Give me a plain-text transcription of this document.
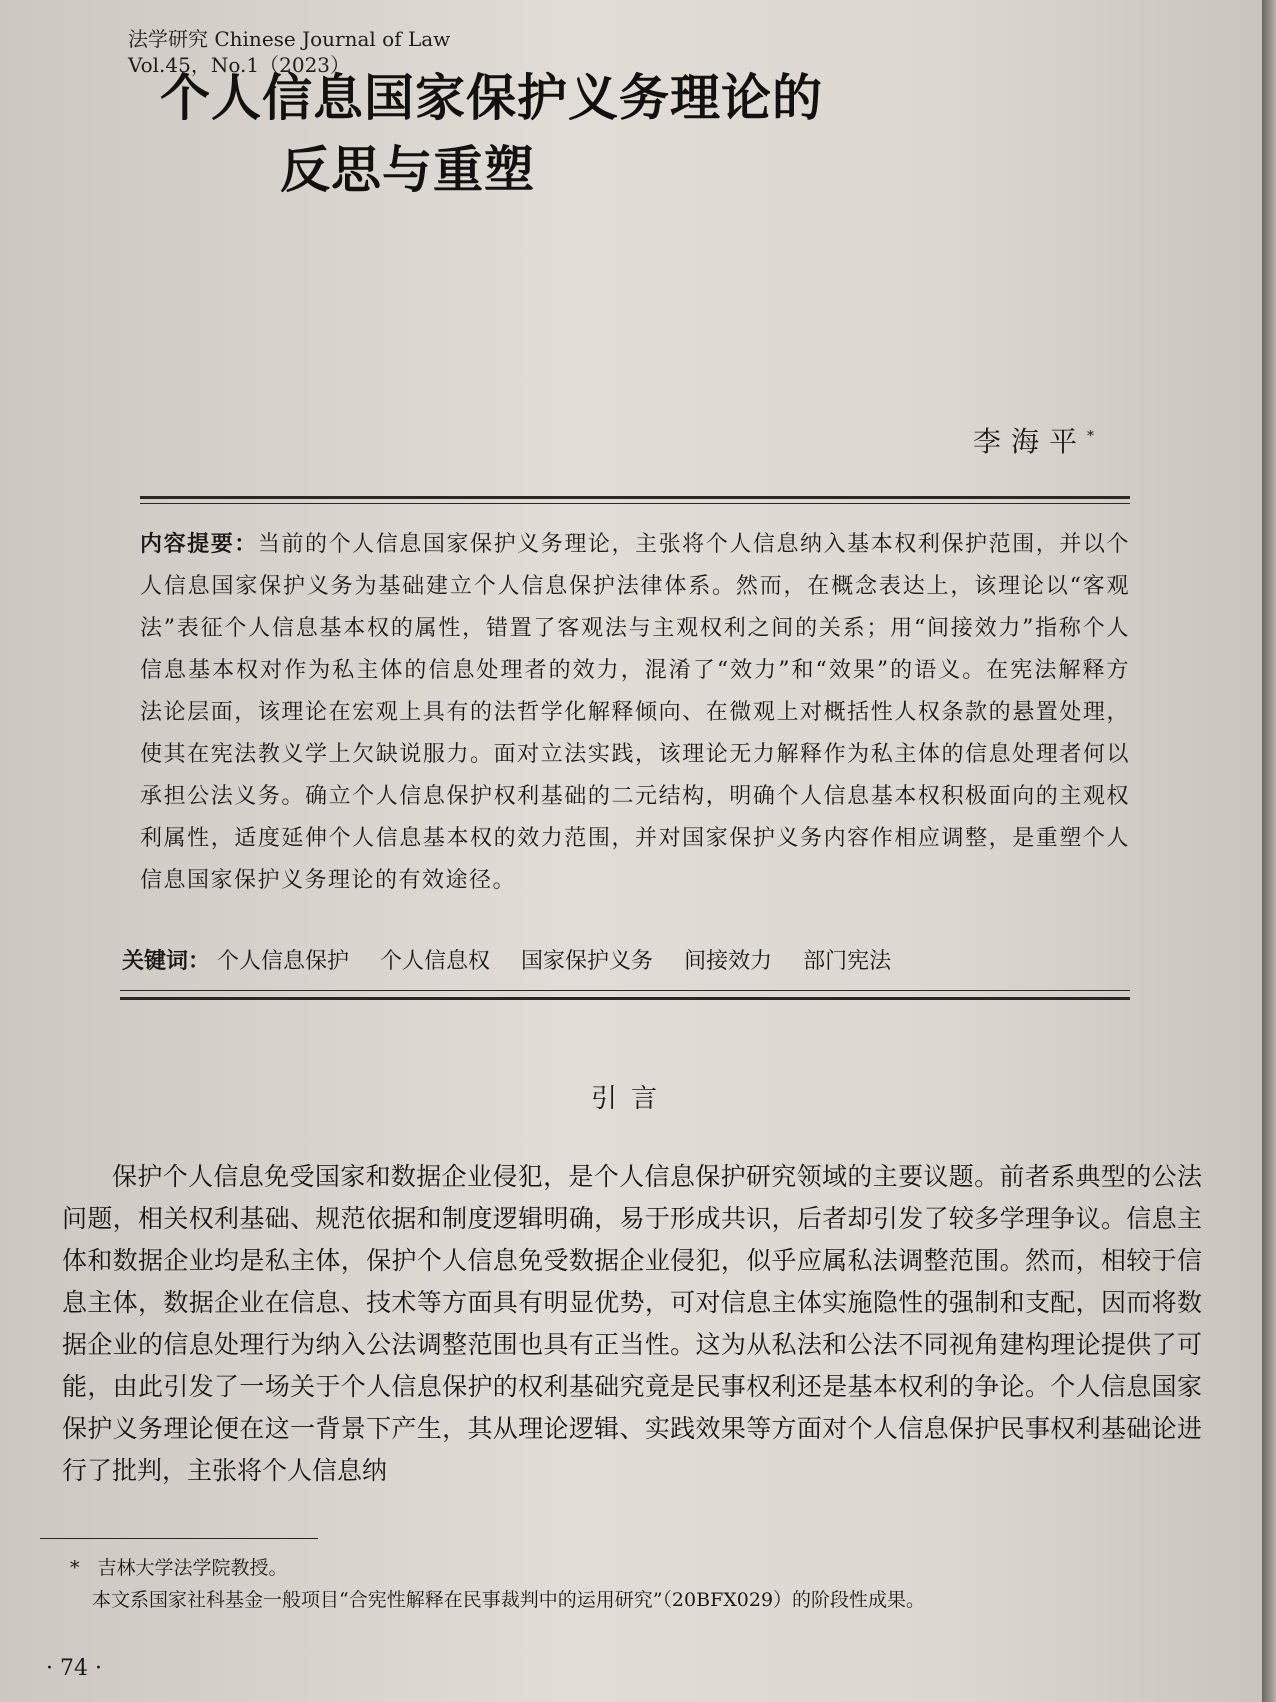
法学研究 Chinese Journal of Law
Vol.45，No.1（2023）
个人信息国家保护义务理论的
反思与重塑
李海平*
内容提要：当前的个人信息国家保护义务理论，主张将个人信息纳入基本权利保护范围，并以个人信息国家保护义务为基础建立个人信息保护法律体系。然而，在概念表达上，该理论以“客观法”表征个人信息基本权的属性，错置了客观法与主观权利之间的关系；用“间接效力”指称个人信息基本权对作为私主体的信息处理者的效力，混淆了“效力”和“效果”的语义。在宪法解释方法论层面，该理论在宏观上具有的法哲学化解释倾向、在微观上对概括性人权条款的悬置处理，使其在宪法教义学上欠缺说服力。面对立法实践，该理论无力解释作为私主体的信息处理者何以承担公法义务。确立个人信息保护权利基础的二元结构，明确个人信息基本权积极面向的主观权利属性，适度延伸个人信息基本权的效力范围，并对国家保护义务内容作相应调整，是重塑个人信息国家保护义务理论的有效途径。
关键词： 个人信息保护 个人信息权 国家保护义务 间接效力 部门宪法
引言

保护个人信息免受国家和数据企业侵犯，是个人信息保护研究领域的主要议题。前者系典型的公法问题，相关权利基础、规范依据和制度逻辑明确，易于形成共识，后者却引发了较多学理争议。信息主体和数据企业均是私主体，保护个人信息免受数据企业侵犯，似乎应属私法调整范围。然而，相较于信息主体，数据企业在信息、技术等方面具有明显优势，可对信息主体实施隐性的强制和支配，因而将数据企业的信息处理行为纳入公法调整范围也具有正当性。这为从私法和公法不同视角建构理论提供了可能，由此引发了一场关于个人信息保护的权利基础究竟是民事权利还是基本权利的争论。个人信息国家保护义务理论便在这一背景下产生，其从理论逻辑、实践效果等方面对个人信息保护民事权利基础论进行了批判，主张将个人信息纳

* 吉林大学法学院教授。
本文系国家社科基金一般项目“合宪性解释在民事裁判中的运用研究”（20BFX029）的阶段性成果。
· 74 ·
